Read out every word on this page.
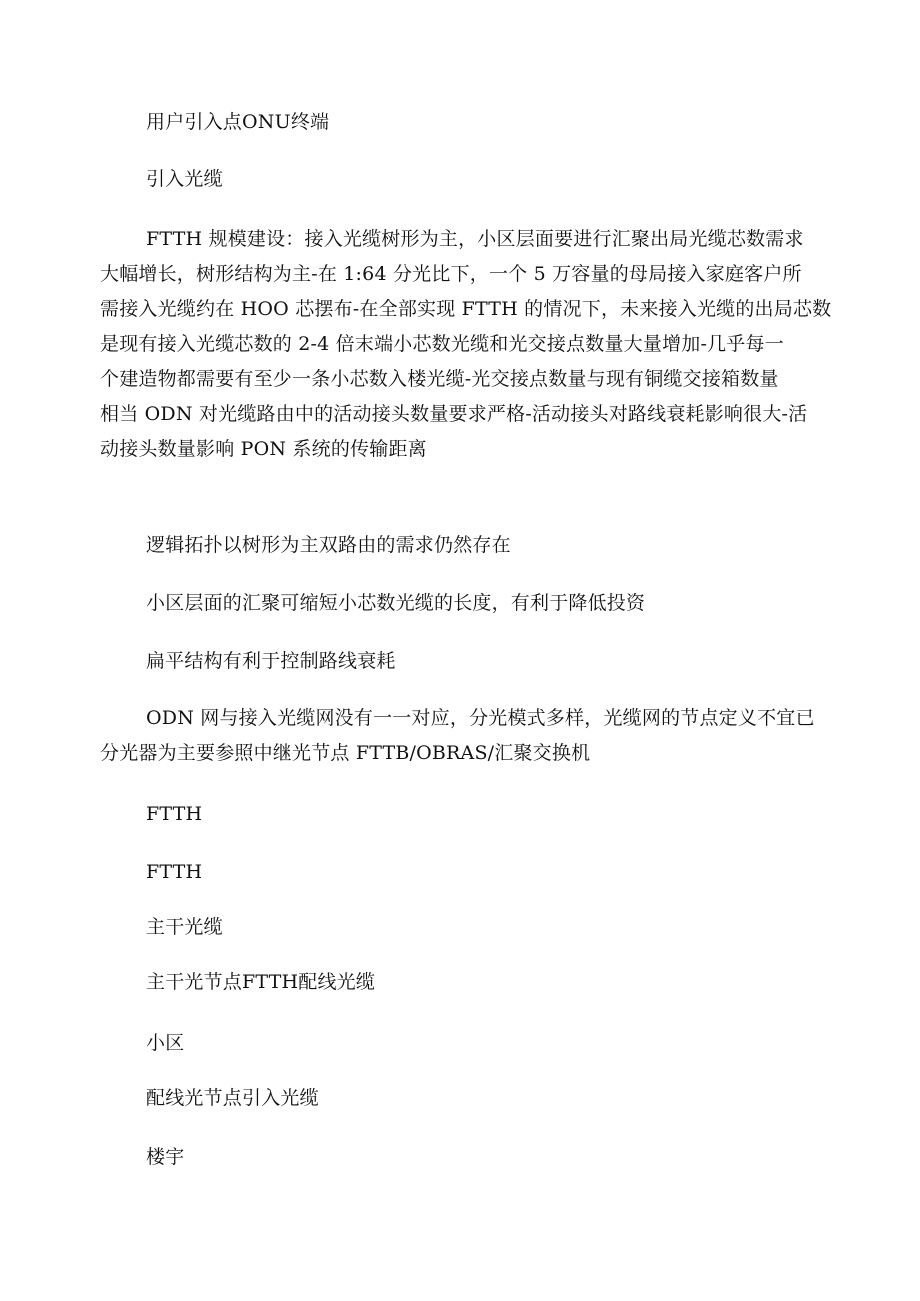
用户引入点ONU终端

引入光缆

FTTH 规模建设：接入光缆树形为主，小区层面要进行汇聚出局光缆芯数需求
大幅增长，树形结构为主-在 1:64 分光比下，一个 5 万容量的母局接入家庭客户所
需接入光缆约在 HOO 芯摆布-在全部实现 FTTH 的情况下，未来接入光缆的出局芯数
是现有接入光缆芯数的 2-4 倍末端小芯数光缆和光交接点数量大量增加-几乎每一
个建造物都需要有至少一条小芯数入楼光缆-光交接点数量与现有铜缆交接箱数量
相当 ODN 对光缆路由中的活动接头数量要求严格-活动接头对路线衰耗影响很大-活
动接头数量影响 PON 系统的传输距离

逻辑拓扑以树形为主双路由的需求仍然存在

小区层面的汇聚可缩短小芯数光缆的长度，有利于降低投资

扁平结构有利于控制路线衰耗

ODN 网与接入光缆网没有一一对应，分光模式多样，光缆网的节点定义不宜已
分光器为主要参照中继光节点 FTTB/OBRAS/汇聚交换机

FTTH

FTTH

主干光缆

主干光节点FTTH配线光缆

小区

配线光节点引入光缆

楼宇
